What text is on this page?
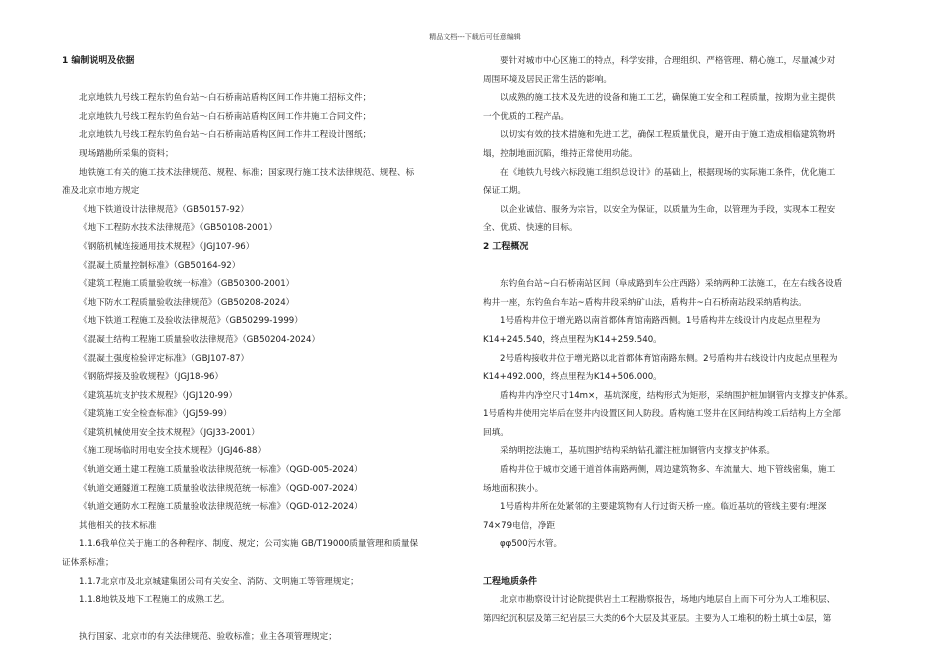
精品文档---下载后可任意编辑

1 编制说明及依据

北京地铁九号线工程东钓鱼台站～白石桥南站盾构区间工作井施工招标文件；

北京地铁九号线工程东钓鱼台站～白石桥南站盾构区间工作井施工合同文件；

北京地铁九号线工程东钓鱼台站～白石桥南站盾构区间工作井工程设计图纸；

现场踏勘所采集的资料；

地铁施工有关的施工技术法律规范、规程、标准；国家现行施工技术法律规范、规程、标

准及北京市地方规定

《地下铁道设计法律规范》（GB50157-92）

《地下工程防水技术法律规范》（GB50108-2001）

《钢筋机械连接通用技术规程》（JGJ107-96）

《混凝土质量控制标准》（GB50164-92）

《建筑工程施工质量验收统一标准》（GB50300-2001）

《地下防水工程质量验收法律规范》（GB50208-2024）

《地下铁道工程施工及验收法律规范》（GB50299-1999）

《混凝土结构工程施工质量验收法律规范》（GB50204-2024）

《混凝土强度检验评定标准》（GBJ107-87）

《钢筋焊接及验收规程》（JGJ18-96）

《建筑基坑支护技术规程》（JGJ120-99）

《建筑施工安全检查标准》（JGJ59-99）

《建筑机械使用安全技术规程》（JGJ33-2001）

《施工现场临时用电安全技术规程》（JGJ46-88）

《轨道交通土建工程施工质量验收法律规范统一标准》（QGD-005-2024）

《轨道交通隧道工程施工质量验收法律规范统一标准》（QGD-007-2024）

《轨道交通防水工程施工质量验收法律规范统一标准》（QGD-012-2024）

其他相关的技术标准

1.1.6我单位关于施工的各种程序、制度、规定；公司实施 GB/T19000质量管理和质量保

证体系标准；

1.1.7北京市及北京城建集团公司有关安全、消防、文明施工等管理规定；

1.1.8地铁及地下工程施工的成熟工艺。

执行国家、北京市的有关法律规范、验收标准；业主各项管理规定；

要针对城市中心区施工的特点，科学安排，合理组织、严格管理、精心施工，尽量减少对

周围环境及居民正常生活的影响。

以成熟的施工技术及先进的设备和施工工艺，确保施工安全和工程质量，按期为业主提供

一个优质的工程产品。

以切实有效的技术措施和先进工艺，确保工程质量优良，避开由于施工造成相临建筑物坍

塌，控制地面沉陷，维持正常使用功能。

在《地铁九号线六标段施工组织总设计》的基础上，根据现场的实际施工条件，优化施工

保证工期。

以企业诚信、服务为宗旨，以安全为保证，以质量为生命，以管理为手段，实现本工程安

全、优质、快速的目标。

2 工程概况

东钓鱼台站~白石桥南站区间（阜成路到车公庄西路）采纳两种工法施工，在左右线各设盾

构井一座，东钓鱼台车站~盾构井段采纳矿山法，盾构井~白石桥南站段采纳盾构法。

1号盾构井位于增光路以南首都体育馆南路西侧。1号盾构井左线设计内皮起点里程为

K14+245.540，终点里程为K14+259.540。

2号盾构接收井位于增光路以北首都体育馆南路东侧。2号盾构井右线设计内皮起点里程为

K14+492.000，终点里程为K14+506.000。

盾构井内净空尺寸14m×，基坑深度，结构形式为矩形，采纳围护桩加钢管内支撑支护体系。

1号盾构井使用完毕后在竖井内设置区间人防段。盾构施工竖井在区间结构竣工后结构上方全部

回填。

采纳明挖法施工，基坑围护结构采纳钻孔灌注桩加钢管内支撑支护体系。

盾构井位于城市交通干道首体南路两侧，周边建筑物多、车流量大、地下管线密集，施工

场地面积狭小。

1号盾构井所在处紧邻的主要建筑物有人行过街天桥一座。临近基坑的管线主要有:埋深

74×79电信，净距

φφ500污水管。

工程地质条件

北京市勘察设计讨论院提供岩土工程勘察报告，场地内地层自上而下可分为人工堆积层、

第四纪沉积层及第三纪岩层三大类的6个大层及其亚层。主要为人工堆积的粉土填土①层，第
